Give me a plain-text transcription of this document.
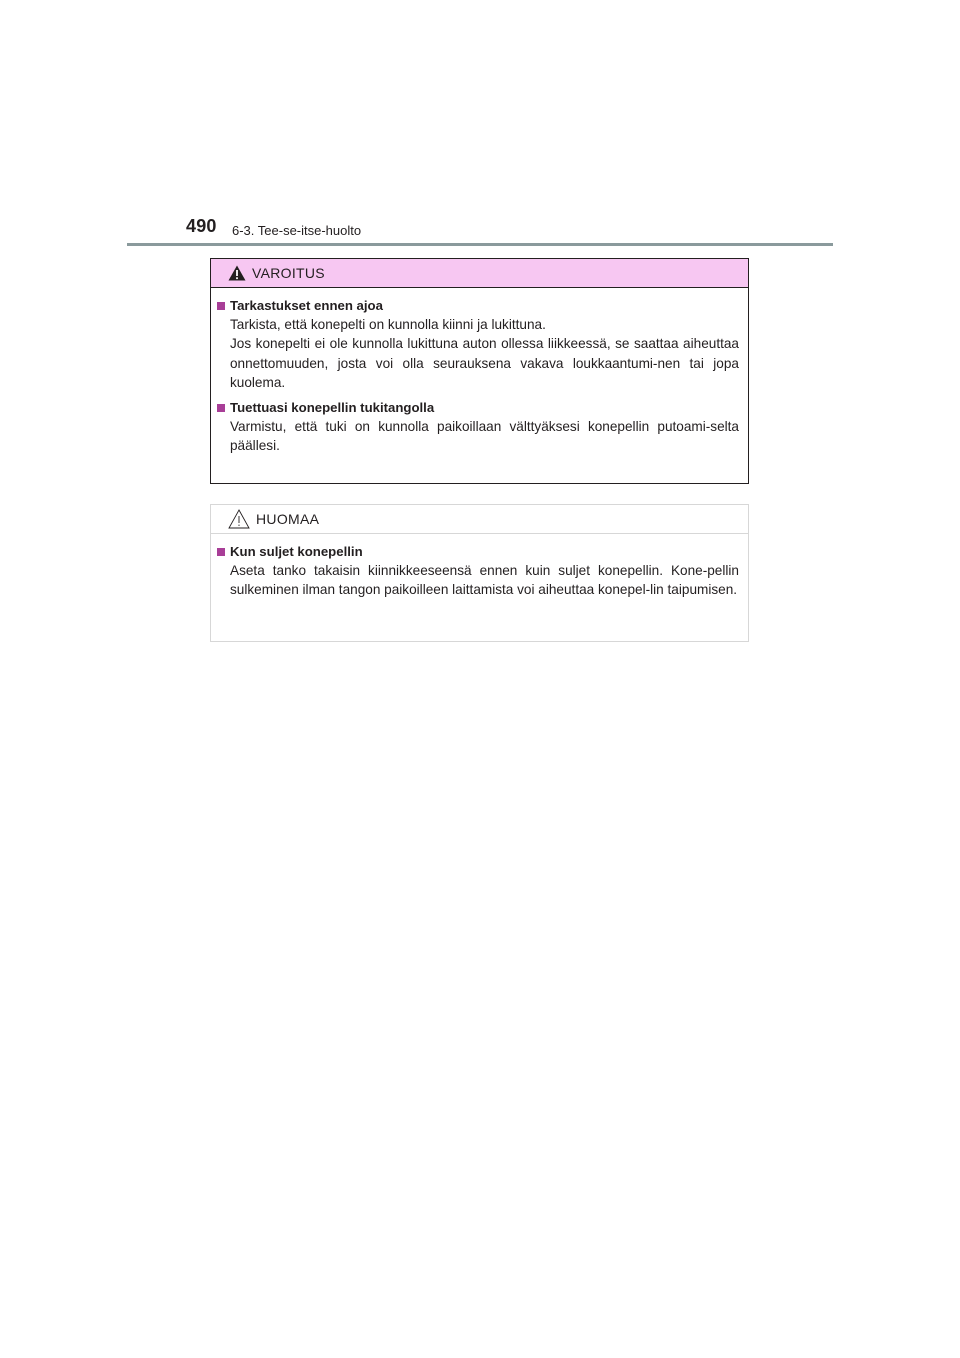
490 6-3. Tee-se-itse-huolto
VAROITUS
Tarkastukset ennen ajoa

Tarkista, että konepelti on kunnolla kiinni ja lukittuna.

Jos konepelti ei ole kunnolla lukittuna auton ollessa liikkeessä, se saattaa aiheuttaa onnettomuuden, josta voi olla seurauksena vakava loukkaantumi-nen tai jopa kuolema.

Tuettuasi konepellin tukitangolla

Varmistu, että tuki on kunnolla paikoillaan välttyäksesi konepellin putoami-selta päällesi.

HUOMAA
Kun suljet konepellin

Aseta tanko takaisin kiinnikkeeseensä ennen kuin suljet konepellin. Kone-pellin sulkeminen ilman tangon paikoilleen laittamista voi aiheuttaa konepel-lin taipumisen.
